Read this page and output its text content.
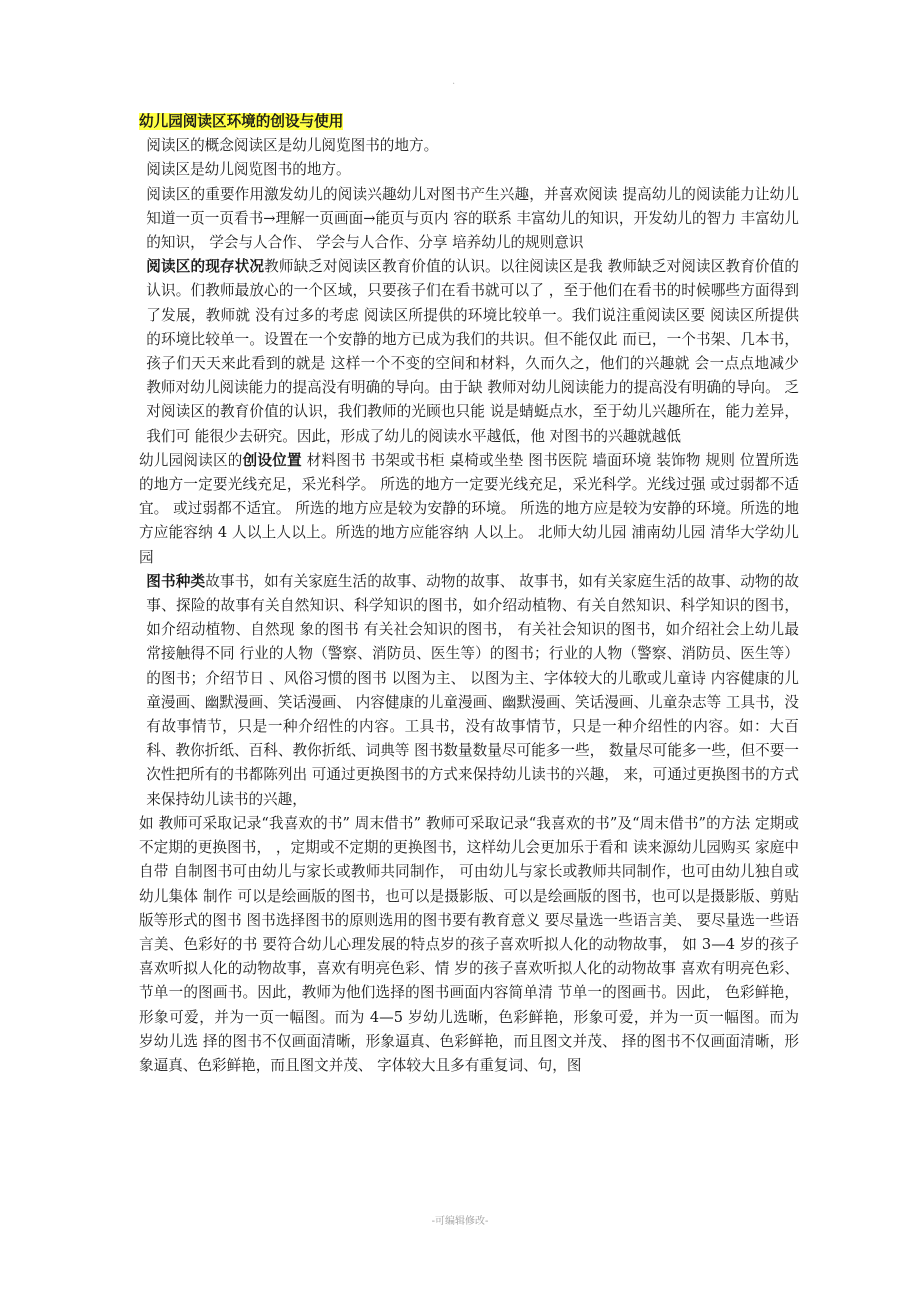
.

幼儿园阅读区环境的创设与使用

阅读区的概念阅读区是幼儿阅览图书的地方。

阅读区是幼儿阅览图书的地方。

阅读区的重要作用激发幼儿的阅读兴趣幼儿对图书产生兴趣，并喜欢阅读 提高幼儿的阅读能力让幼儿知道一页一页看书→理解一页画面→能页与页内 容的联系 丰富幼儿的知识，开发幼儿的智力 丰富幼儿的知识， 学会与人合作、 学会与人合作、分享 培养幼儿的规则意识

阅读区的现存状况教师缺乏对阅读区教育价值的认识。以往阅读区是我 教师缺乏对阅读区教育价值的认识。们教师最放心的一个区域，只要孩子们在看书就可以了 ，至于他们在看书的时候哪些方面得到了发展，教师就 没有过多的考虑 阅读区所提供的环境比较单一。我们说注重阅读区要 阅读区所提供的环境比较单一。设置在一个安静的地方已成为我们的共识。但不能仅此 而已，一个书架、几本书，孩子们天天来此看到的就是 这样一个不变的空间和材料，久而久之，他们的兴趣就 会一点点地减少 教师对幼儿阅读能力的提高没有明确的导向。由于缺 教师对幼儿阅读能力的提高没有明确的导向。 乏对阅读区的教育价值的认识，我们教师的光顾也只能 说是蜻蜓点水，至于幼儿兴趣所在，能力差异，我们可 能很少去研究。因此，形成了幼儿的阅读水平越低，他 对图书的兴趣就越低

幼儿园阅读区的创设位置 材料图书 书架或书柜 桌椅或坐垫 图书医院 墙面环境 装饰物 规则 位置所选的地方一定要光线充足，采光科学。 所选的地方一定要光线充足，采光科学。光线过强 或过弱都不适宜。 或过弱都不适宜。 所选的地方应是较为安静的环境。 所选的地方应是较为安静的环境。所选的地方应能容纳 4 人以上人以上。所选的地方应能容纳 人以上。 北师大幼儿园 浦南幼儿园 清华大学幼儿园

图书种类故事书，如有关家庭生活的故事、动物的故事、 故事书，如有关家庭生活的故事、动物的故事、探险的故事有关自然知识、科学知识的图书，如介绍动植物、有关自然知识、科学知识的图书，如介绍动植物、自然现 象的图书 有关社会知识的图书， 有关社会知识的图书，如介绍社会上幼儿最常接触得不同 行业的人物（警察、消防员、医生等）的图书；行业的人物（警察、消防员、医生等）的图书；介绍节日 、风俗习惯的图书 以图为主、 以图为主、字体较大的儿歌或儿童诗 内容健康的儿童漫画、幽默漫画、笑话漫画、 内容健康的儿童漫画、幽默漫画、笑话漫画、儿童杂志等 工具书，没有故事情节，只是一种介绍性的内容。工具书，没有故事情节，只是一种介绍性的内容。如：大百科、教你折纸、百科、教你折纸、词典等 图书数量数量尽可能多一些， 数量尽可能多一些，但不要一次性把所有的书都陈列出 可通过更换图书的方式来保持幼儿读书的兴趣， 来，可通过更换图书的方式来保持幼儿读书的兴趣，

如 教师可采取记录“我喜欢的书” 周末借书” 教师可采取记录“我喜欢的书”及“周末借书”的方法 定期或不定期的更换图书， ，定期或不定期的更换图书，这样幼儿会更加乐于看和 读来源幼儿园购买 家庭中自带 自制图书可由幼儿与家长或教师共同制作， 可由幼儿与家长或教师共同制作，也可由幼儿独自或幼儿集体 制作 可以是绘画版的图书，也可以是摄影版、可以是绘画版的图书，也可以是摄影版、剪贴版等形式的图书 图书选择图书的原则选用的图书要有教育意义 要尽量选一些语言美、 要尽量选一些语言美、色彩好的书 要符合幼儿心理发展的特点岁的孩子喜欢听拟人化的动物故事， 如 3—4 岁的孩子喜欢听拟人化的动物故事，喜欢有明亮色彩、情 岁的孩子喜欢听拟人化的动物故事 喜欢有明亮色彩、 节单一的图画书。因此，教师为他们选择的图书画面内容简单清 节单一的图画书。因此， 色彩鲜艳，形象可爱，并为一页一幅图。而为 4—5 岁幼儿选晰，色彩鲜艳，形象可爱，并为一页一幅图。而为 岁幼儿选 择的图书不仅画面清晰，形象逼真、色彩鲜艳，而且图文并茂、 择的图书不仅画面清晰，形象逼真、色彩鲜艳，而且图文并茂、 字体较大且多有重复词、句，图

-可编辑修改-
